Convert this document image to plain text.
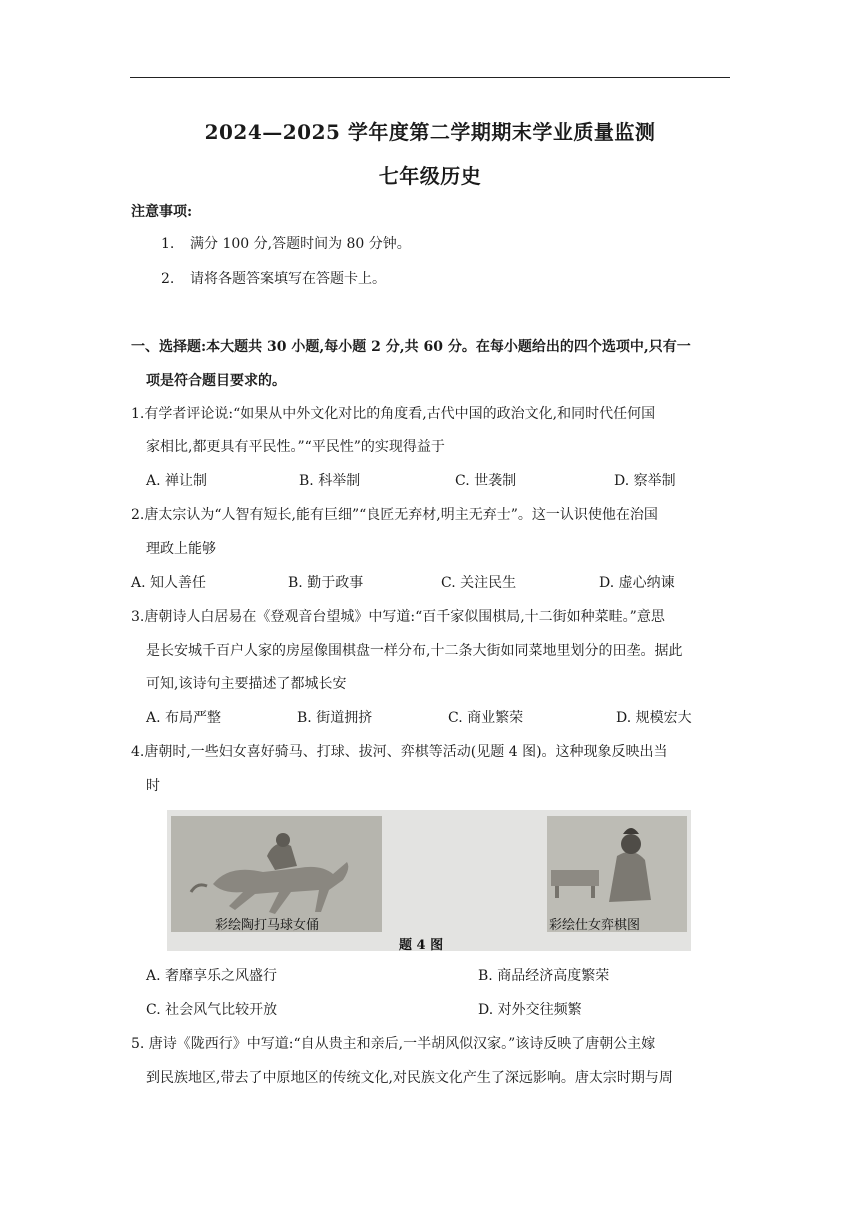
2024—2025 学年度第二学期期末学业质量监测
七年级历史
注意事项:
1. 满分 100 分,答题时间为 80 分钟。
2. 请将各题答案填写在答题卡上。
一、选择题:本大题共 30 小题,每小题 2 分,共 60 分。在每小题给出的四个选项中,只有一
项是符合题目要求的。
1.有学者评论说:“如果从中外文化对比的角度看,古代中国的政治文化,和同时代任何国
家相比,都更具有平民性。”“平民性”的实现得益于
A. 禅让制	B. 科举制	C. 世袭制	D. 察举制
2.唐太宗认为“人智有短长,能有巨细”“良匠无弃材,明主无弃士”。这一认识使他在治国
理政上能够
A. 知人善任	B. 勤于政事	C. 关注民生	D. 虚心纳谏
3.唐朝诗人白居易在《登观音台望城》中写道:“百千家似围棋局,十二街如种菜畦。”意思
是长安城千百户人家的房屋像围棋盘一样分布,十二条大街如同菜地里划分的田垄。据此
可知,该诗句主要描述了都城长安
A. 布局严整	B. 街道拥挤	C. 商业繁荣	D. 规模宏大
4.唐朝时,一些妇女喜好骑马、打球、拔河、弈棋等活动(见题 4 图)。这种现象反映出当
时
彩绘陶打马球女俑	彩绘仕女弈棋图
题 4 图
A. 奢靡享乐之风盛行	B. 商品经济高度繁荣
C. 社会风气比较开放	D. 对外交往频繁
5. 唐诗《陇西行》中写道:“自从贵主和亲后,一半胡风似汉家。”该诗反映了唐朝公主嫁
到民族地区,带去了中原地区的传统文化,对民族文化产生了深远影响。唐太宗时期与周
